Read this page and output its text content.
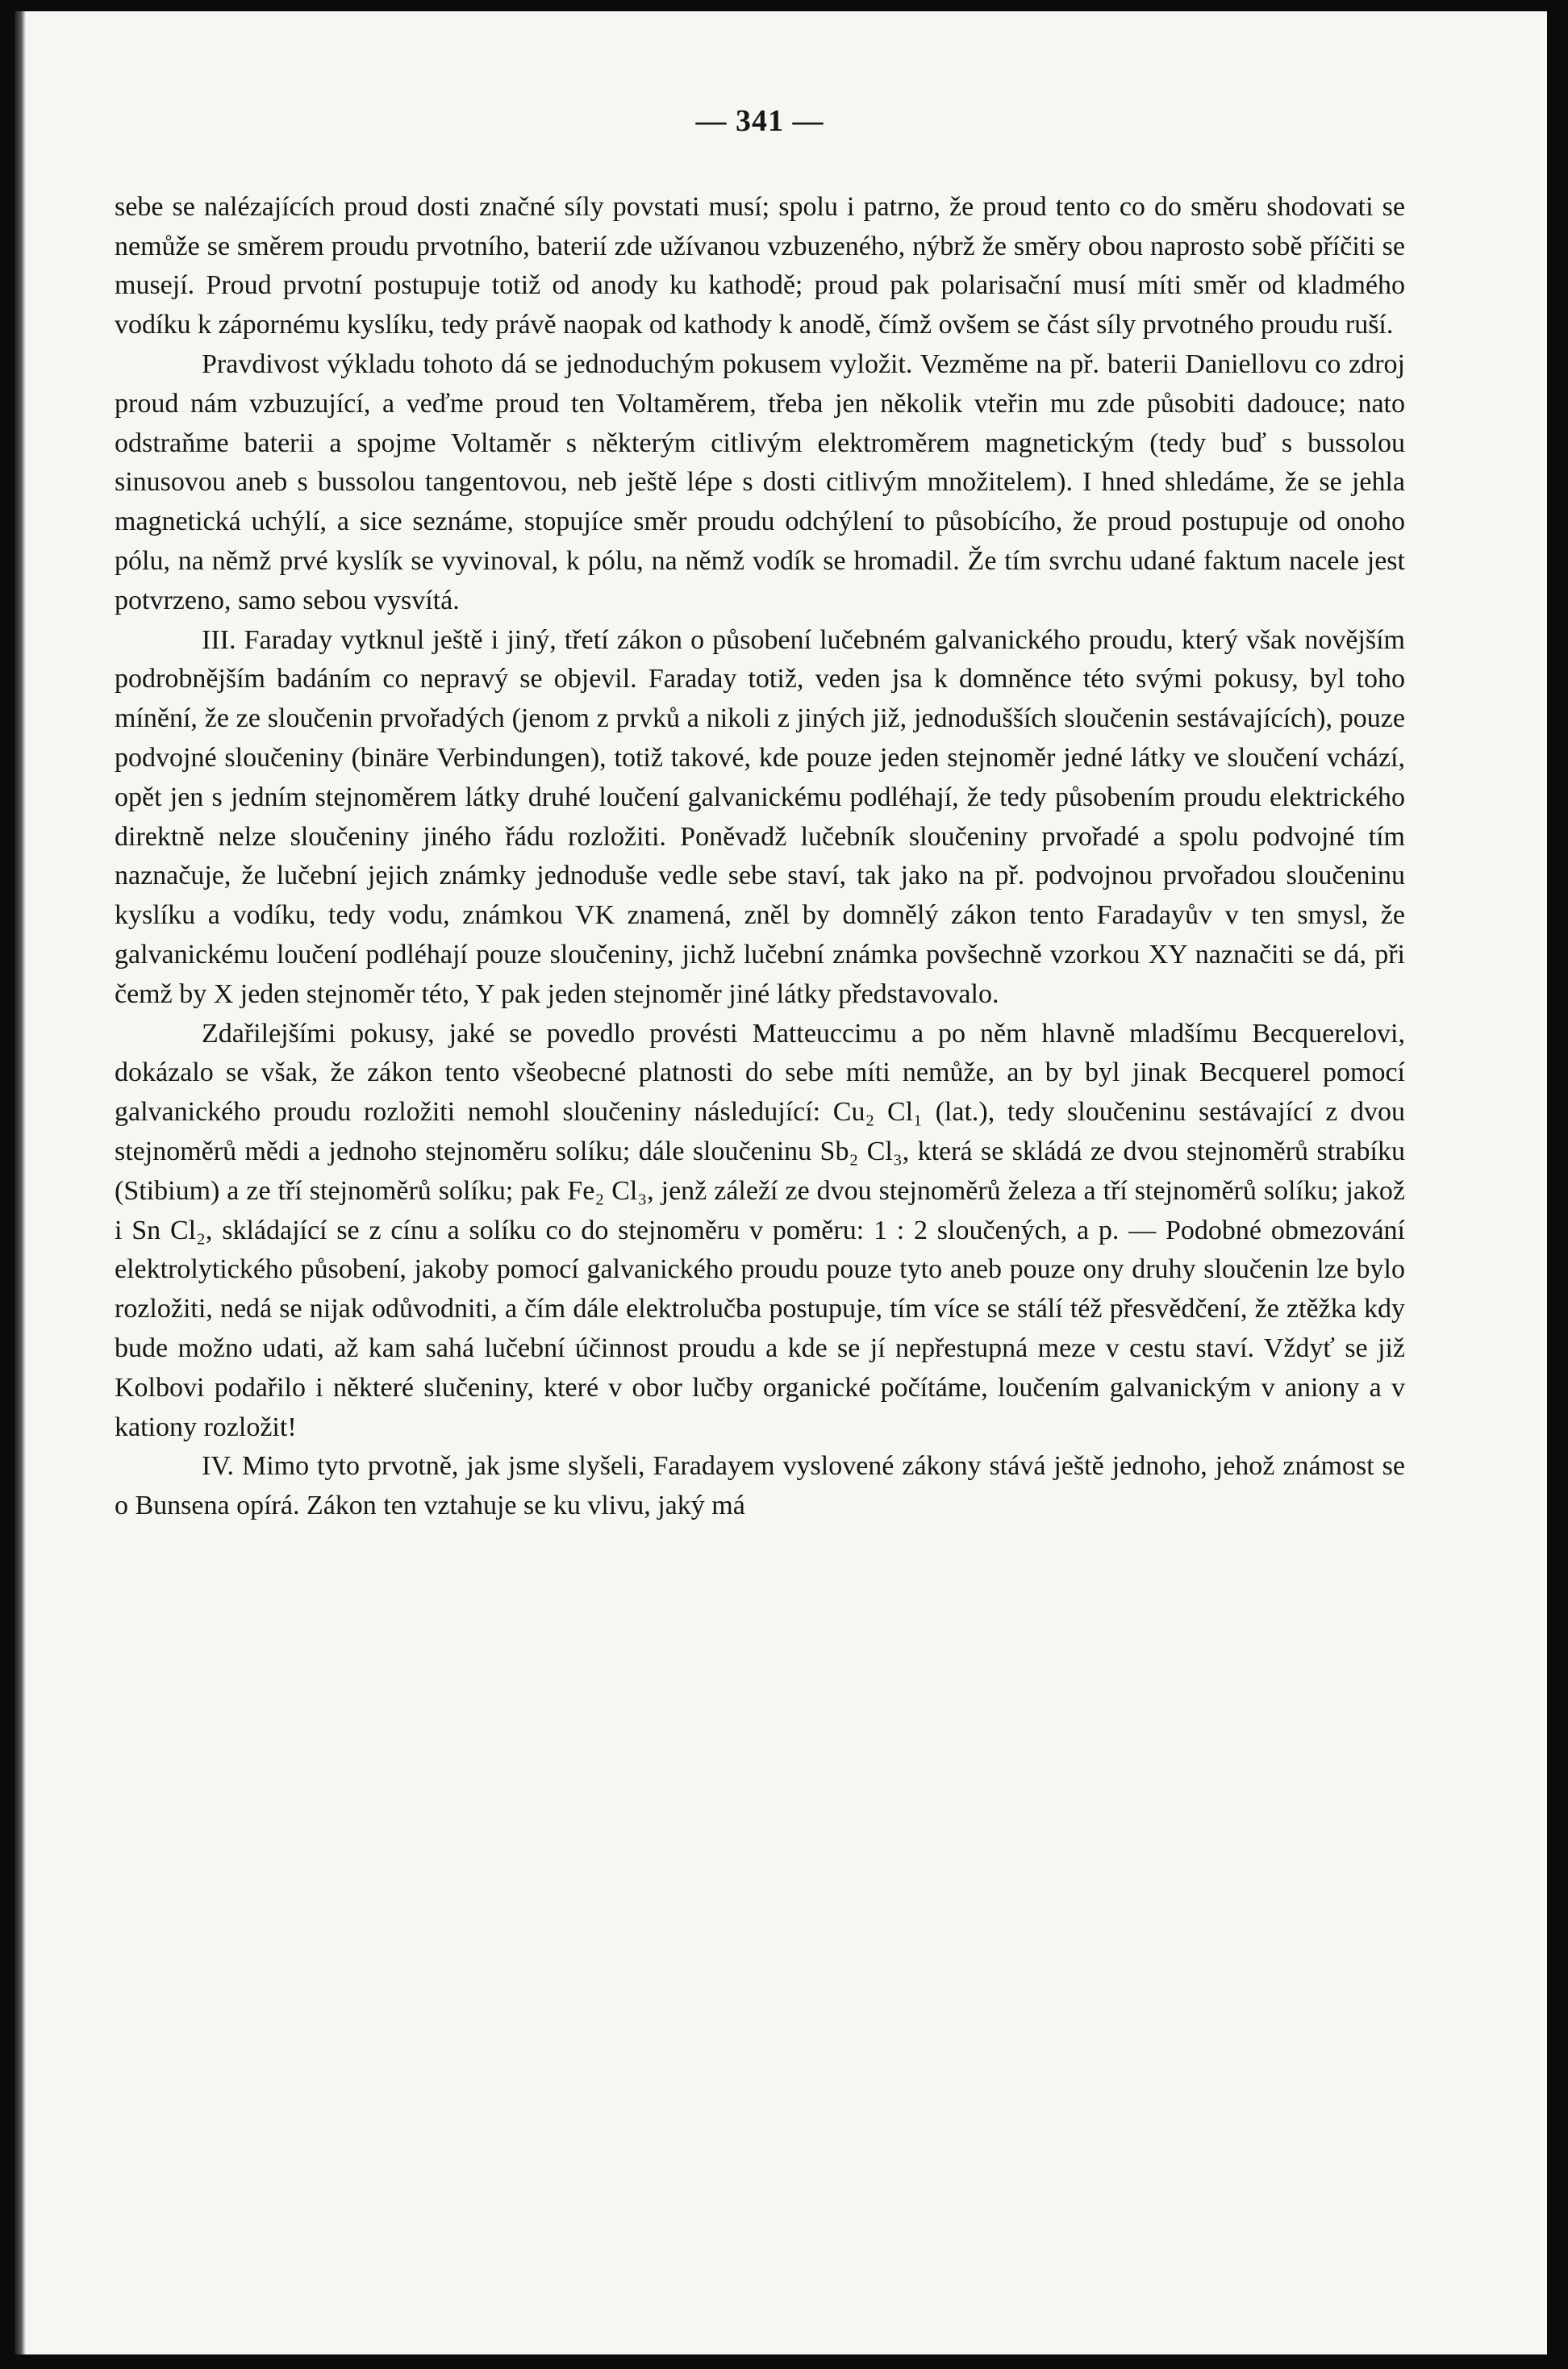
— 341 —

sebe se nalézajících proud dosti značné síly povstati musí; spolu i patrno, že proud tento co do směru shodovati se nemůže se směrem proudu prvotního, baterií zde užívanou vzbuzeného, nýbrž že směry obou naprosto sobě příčiti se musejí. Proud prvotní postupuje totiž od anody ku kathodě; proud pak polarisační musí míti směr od kladmého vodíku k zápornému kyslíku, tedy právě naopak od kathody k anodě, čímž ovšem se část síly prvotného proudu ruší.

Pravdivost výkladu tohoto dá se jednoduchým pokusem vyložit. Vezměme na př. baterii Daniellovu co zdroj proud nám vzbuzující, a veďme proud ten Voltaměrem, třeba jen několik vteřin mu zde působiti dadouce; nato odstraňme baterii a spojme Voltaměr s některým citlivým elektroměrem magnetickým (tedy buď s bussolou sinusovou aneb s bussolou tangentovou, neb ještě lépe s dosti citlivým množitelem). I hned shledáme, že se jehla magnetická uchýlí, a sice seznáme, stopujíce směr proudu odchýlení to působícího, že proud postupuje od onoho pólu, na němž prvé kyslík se vyvinoval, k pólu, na němž vodík se hromadil. Že tím svrchu udané faktum nacele jest potvrzeno, samo sebou vysvítá.

III. Faraday vytknul ještě i jiný, třetí zákon o působení lučebném galvanického proudu, který však novějším podrobnějším badáním co nepravý se objevil. Faraday totiž, veden jsa k domněnce této svými pokusy, byl toho mínění, že ze sloučenin prvořadých (jenom z prvků a nikoli z jiných již, jednodušších sloučenin sestávajících), pouze podvojné sloučeniny (binäre Verbindungen), totiž takové, kde pouze jeden stejnoměr jedné látky ve sloučení vchází, opět jen s jedním stejnoměrem látky druhé loučení galvanickému podléhají, že tedy působením proudu elektrického direktně nelze sloučeniny jiného řádu rozložiti. Poněvadž lučebník sloučeniny prvořadé a spolu podvojné tím naznačuje, že lučební jejich známky jednoduše vedle sebe staví, tak jako na př. podvojnou prvořadou sloučeninu kyslíku a vodíku, tedy vodu, známkou VK znamená, zněl by domnělý zákon tento Faradayův v ten smysl, že galvanickému loučení podléhají pouze sloučeniny, jichž lučební známka povšechně vzorkou XY naznačiti se dá, při čemž by X jeden stejnoměr této, Y pak jeden stejnoměr jiné látky představovalo.

Zdařilejšími pokusy, jaké se povedlo provésti Matteuccimu a po něm hlavně mladšímu Becquerelovi, dokázalo se však, že zákon tento všeobecné platnosti do sebe míti nemůže, an by byl jinak Becquerel pomocí galvanického proudu rozložiti nemohl sloučeniny následující: Cu₂ Cl₁ (lat.), tedy sloučeninu sestávající z dvou stejnoměrů mědi a jednoho stejnoměru solíku; dále sloučeninu Sb₂ Cl₃, která se skládá ze dvou stejnoměrů strabíku (Stibium) a ze tří stejnoměrů solíku; pak Fe₂ Cl₃, jenž záleží ze dvou stejnoměrů železa a tří stejnoměrů solíku; jakož i Sn Cl₂, skládající se z cínu a solíku co do stejnoměru v poměru: 1 : 2 sloučených, a p. — Podobné obmezování elektrolytického působení, jakoby pomocí galvanického proudu pouze tyto aneb pouze ony druhy sloučenin lze bylo rozložiti, nedá se nijak odůvodniti, a čím dále elektrolučba postupuje, tím více se stálí též přesvědčení, že ztěžka kdy bude možno udati, až kam sahá lučební účinnost proudu a kde se jí nepřestupná meze v cestu staví. Vždyť se již Kolbovi podařilo i některé slučeniny, které v obor lučby organické počítáme, loučením galvanickým v aniony a v kationy rozložit!

IV. Mimo tyto prvotně, jak jsme slyšeli, Faradayem vyslovené zákony stává ještě jednoho, jehož známost se o Bunsena opírá. Zákon ten vztahuje se ku vlivu, jaký má
